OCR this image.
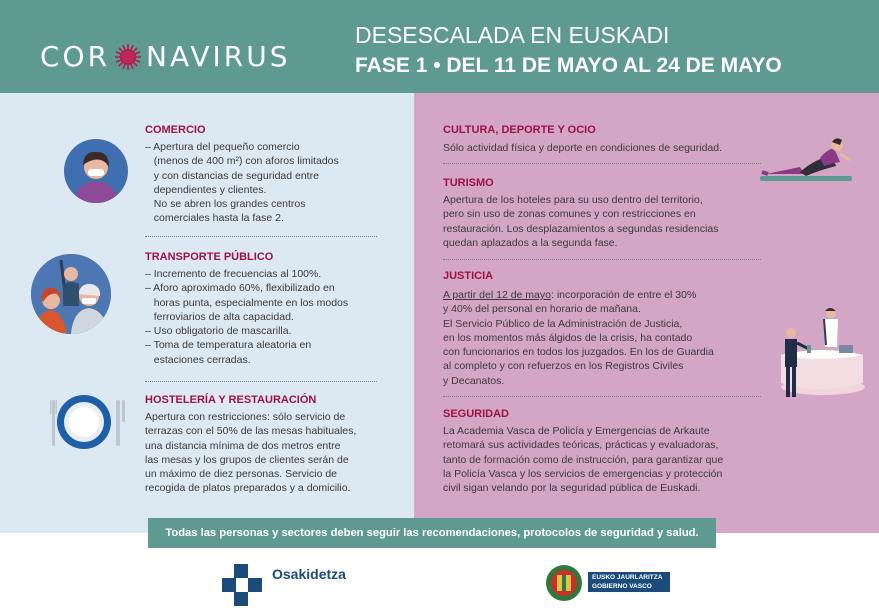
COR NAVIRUS
DESESCALADA EN EUSKADI
FASE 1 • DEL 11 DE MAYO AL 24 DE MAYO
COMERCIO
– Apertura del pequeño comercio
(menos de 400 m²) con aforos limitados
y con distancias de seguridad entre
dependientes y clientes.
No se abren los grandes centros
comerciales hasta la fase 2.
TRANSPORTE PÚBLICO
– Incremento de frecuencias al 100%.
– Aforo aproximado 60%, flexibilizado en
horas punta, especialmente en los modos
ferroviarios de alta capacidad.
– Uso obligatorio de mascarilla.
– Toma de temperatura aleatoria en
estaciones cerradas.
HOSTELERÍA Y RESTAURACIÓN
Apertura con restricciones: sólo servicio de
terrazas con el 50% de las mesas habituales,
una distancia mínima de dos metros entre
las mesas y los grupos de clientes serán de
un máximo de diez personas. Servicio de
recogida de platos preparados y a domicilio.
CULTURA, DEPORTE Y OCIO
Sólo actividad física y deporte en condiciones de seguridad.
TURISMO
Apertura de los hoteles para su uso dentro del territorio,
pero sin uso de zonas comunes y con restricciones en
restauración. Los desplazamientos a segundas residencias
quedan aplazados a la segunda fase.
JUSTICIA
A partir del 12 de mayo: incorporación de entre el 30%
y 40% del personal en horario de mañana.
El Servicio Público de la Administración de Justicia,
en los momentos más álgidos de la crisis, ha contado
con funcionarios en todos los juzgados. En los de Guardia
al completo y con refuerzos en los Registros Civiles
y Decanatos.
SEGURIDAD
La Academia Vasca de Policía y Emergencias de Arkaute
retomará sus actividades teóricas, prácticas y evaluadoras,
tanto de formación como de instrucción, para garantizar que
la Policía Vasca y los servicios de emergencias y protección
civil sigan velando por la seguridad pública de Euskadi.
Todas las personas y sectores deben seguir las recomendaciones, protocolos de seguridad y salud.
Osakidetza	EUSKO JAURLARITZA
GOBIERNO VASCO
